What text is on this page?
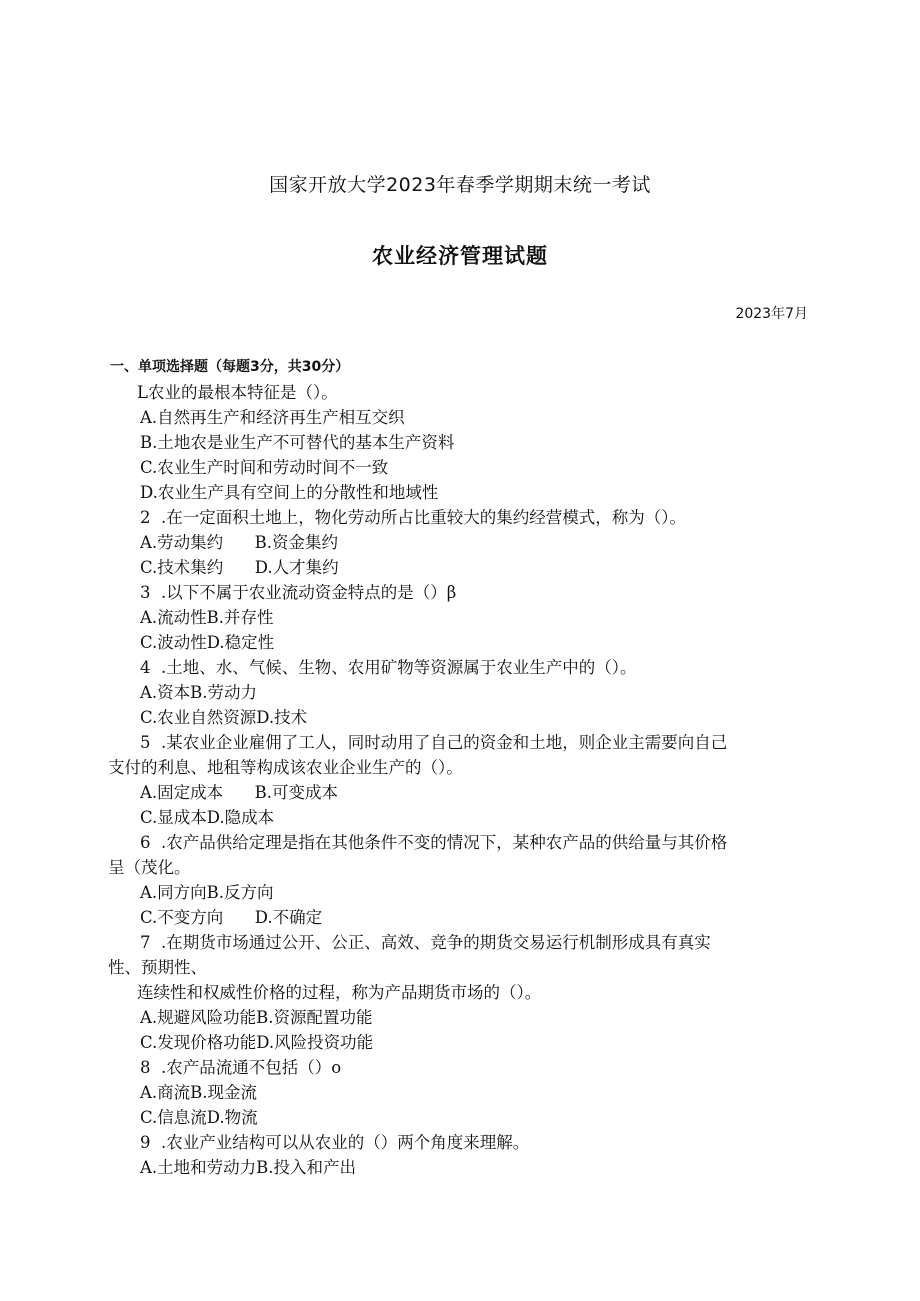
国家开放大学2023年春季学期期末统一考试
农业经济管理试题
2023年7月
一、单项选择题（每题3分，共30分）
L农业的最根本特征是（）。
A.自然再生产和经济再生产相互交织
B.土地农是业生产不可替代的基本生产资料
C.农业生产时间和劳动时间不一致
D.农业生产具有空间上的分散性和地域性
2  .在一定面积土地上，物化劳动所占比重较大的集约经营模式，称为（）。
A.劳动集约      B.资金集约
C.技术集约      D.人才集约
3  .以下不属于农业流动资金特点的是（）β
A.流动性B.并存性
C.波动性D.稳定性
4  .土地、水、气候、生物、农用矿物等资源属于农业生产中的（）。
A.资本B.劳动力
C.农业自然资源D.技术
5  .某农业企业雇佣了工人，同时动用了自己的资金和土地，则企业主需要向自己
支付的利息、地租等构成该农业企业生产的（）。
A.固定成本      B.可变成本
C.显成本D.隐成本
6  .农产品供给定理是指在其他条件不变的情况下，某种农产品的供给量与其价格
呈（茂化。
A.同方向B.反方向
C.不变方向      D.不确定
7  .在期货市场通过公开、公正、高效、竞争的期货交易运行机制形成具有真实
性、预期性、
连续性和权威性价格的过程，称为产品期货市场的（）。
A.规避风险功能B.资源配置功能
C.发现价格功能D.风险投资功能
8  .农产品流通不包括（）o
A.商流B.现金流
C.信息流D.物流
9  .农业产业结构可以从农业的（）两个角度来理解。
A.土地和劳动力B.投入和产出
